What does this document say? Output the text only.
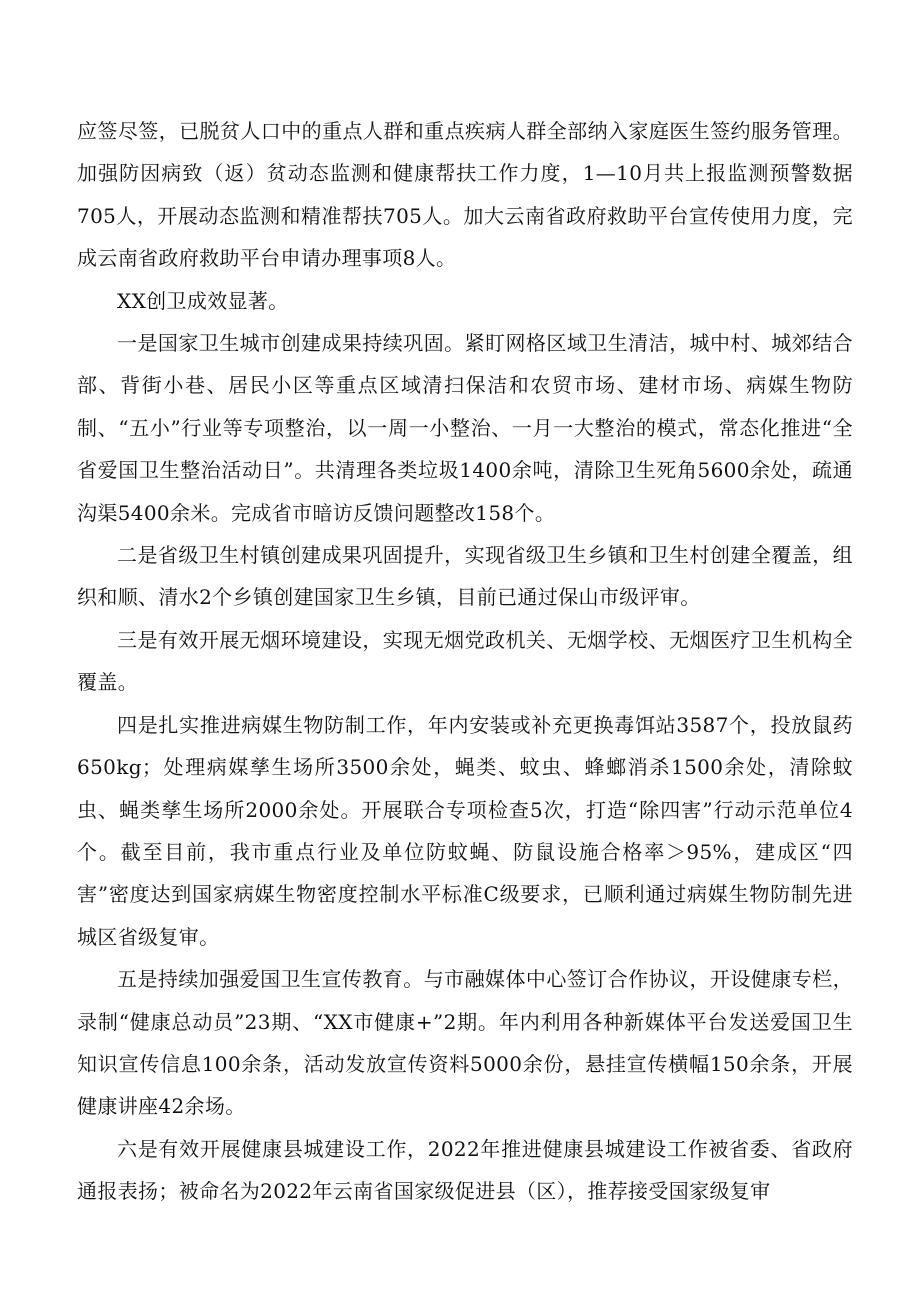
应签尽签，已脱贫人口中的重点人群和重点疾病人群全部纳入家庭医生签约服务管理。加强防因病致（返）贫动态监测和健康帮扶工作力度，1—10月共上报监测预警数据705人，开展动态监测和精准帮扶705人。加大云南省政府救助平台宣传使用力度，完成云南省政府救助平台申请办理事项8人。

XX创卫成效显著。

一是国家卫生城市创建成果持续巩固。紧盯网格区域卫生清洁，城中村、城郊结合部、背街小巷、居民小区等重点区域清扫保洁和农贸市场、建材市场、病媒生物防制、“五小”行业等专项整治，以一周一小整治、一月一大整治的模式，常态化推进“全省爱国卫生整治活动日”。共清理各类垃圾1400余吨，清除卫生死角5600余处，疏通沟渠5400余米。完成省市暗访反馈问题整改158个。

二是省级卫生村镇创建成果巩固提升，实现省级卫生乡镇和卫生村创建全覆盖，组织和顺、清水2个乡镇创建国家卫生乡镇，目前已通过保山市级评审。

三是有效开展无烟环境建设，实现无烟党政机关、无烟学校、无烟医疗卫生机构全覆盖。

四是扎实推进病媒生物防制工作，年内安装或补充更换毒饵站3587个，投放鼠药650kg；处理病媒孳生场所3500余处，蝇类、蚊虫、蜂螂消杀1500余处，清除蚊虫、蝇类孳生场所2000余处。开展联合专项检查5次，打造“除四害”行动示范单位4个。截至目前，我市重点行业及单位防蚊蝇、防鼠设施合格率＞95%，建成区“四害”密度达到国家病媒生物密度控制水平标准C级要求，已顺利通过病媒生物防制先进城区省级复审。

五是持续加强爱国卫生宣传教育。与市融媒体中心签订合作协议，开设健康专栏，录制“健康总动员”23期、“XX市健康+”2期。年内利用各种新媒体平台发送爱国卫生知识宣传信息100余条，活动发放宣传资料5000余份，悬挂宣传横幅150余条，开展健康讲座42余场。

六是有效开展健康县城建设工作，2022年推进健康县城建设工作被省委、省政府通报表扬；被命名为2022年云南省国家级促进县（区），推荐接受国家级复审
